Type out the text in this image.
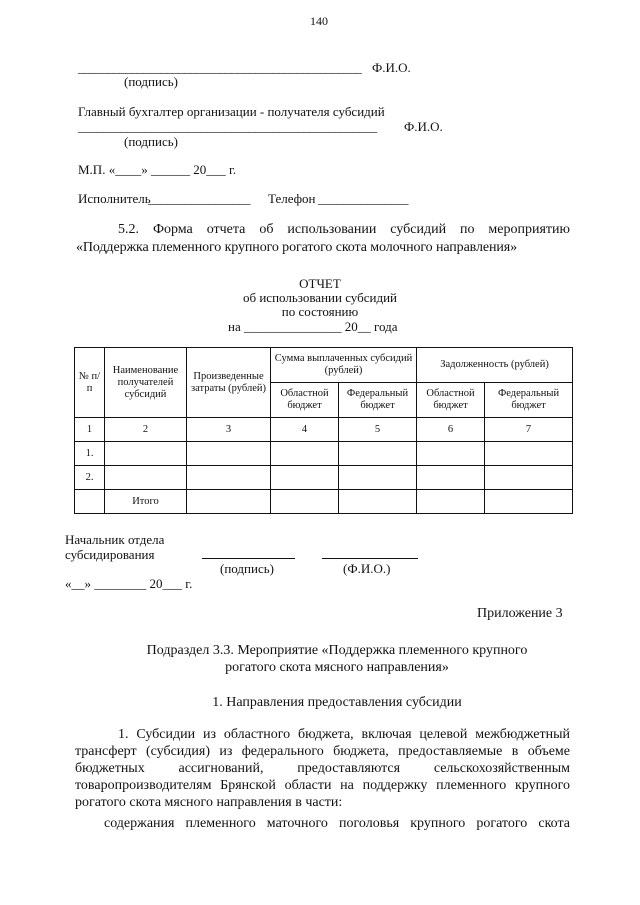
140
________________________________________________ Ф.И.О.
(подпись)
Главный бухгалтер организации - получателя субсидий
_________________________________________________ Ф.И.О.
(подпись)
М.П. «____» ______ 20___ г.
Исполнитель
_________________ Телефон _______________
5.2. Форма отчета об использовании субсидий по мероприятию
«Поддержка племенного крупного рогатого скота молочного направления»
ОТЧЕТ
об использовании субсидий
по состоянию
на _______________ 20__ года
№ п/п	Наименование получателей субсидий	Произведенные затраты (рублей)	Сумма выплаченных субсидий (рублей)		Задолженность (рублей)	
			Областной бюджет	Федеральный бюджет	Областной бюджет	Федеральный бюджет
1	2	3	4	5	6	7
1.						
2.						
	Итого					
Начальник отдела
субсидирования
(подпись)	(Ф.И.О.)
«__» ________ 20___ г.
Приложение 3
Подраздел 3.3. Мероприятие «Поддержка племенного крупного
рогатого скота мясного направления»
1. Направления предоставления субсидии
1. Субсидии из областного бюджета, включая целевой межбюджетный
трансферт (субсидия) из федерального бюджета, предоставляемые в объеме
бюджетных ассигнований, предоставляются сельскохозяйственным
товаропроизводителям Брянской области на поддержку племенного крупного
рогатого скота мясного направления в части:
содержания племенного маточного поголовья крупного рогатого скота
